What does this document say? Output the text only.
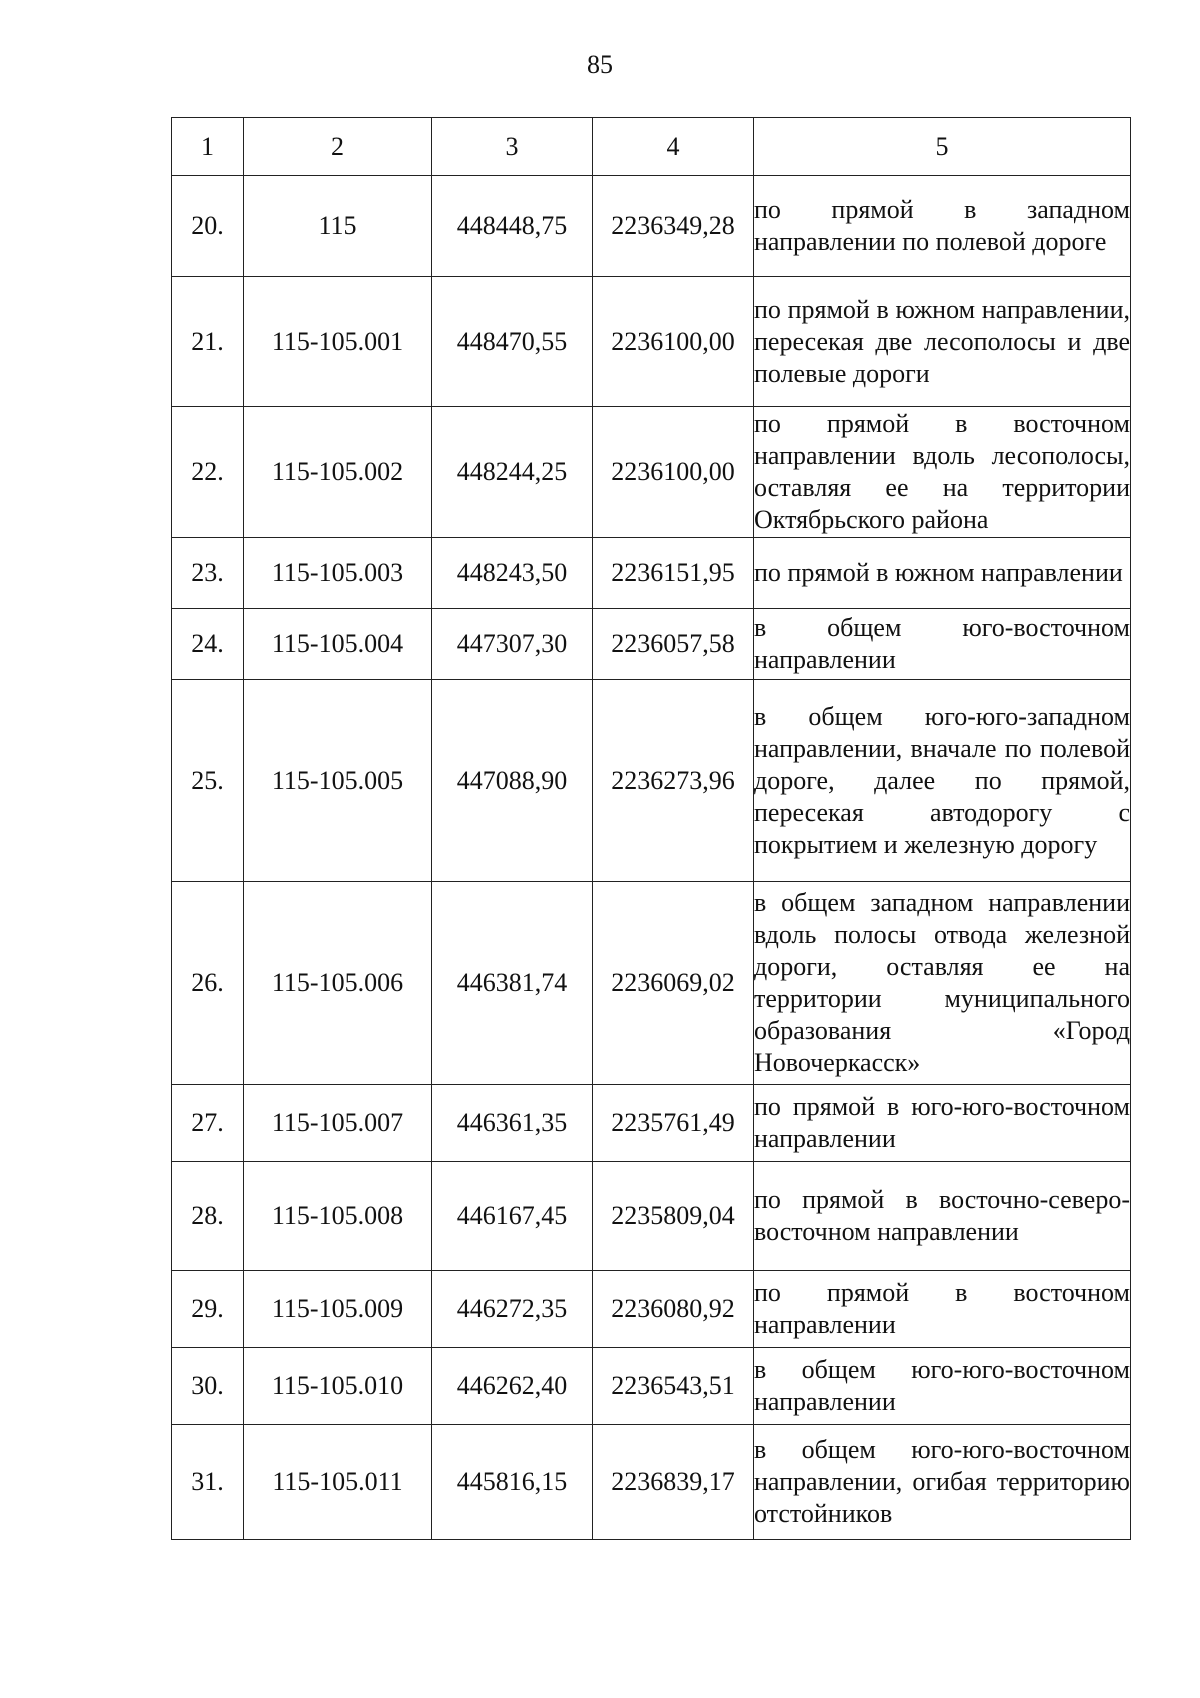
85
1	2	3	4	5
20.	115	448448,75	2236349,28	по прямой в западном направлении по полевой дороге
21.	115-105.001	448470,55	2236100,00	по прямой в южном направлении, пересекая две лесополосы и две полевые дороги
22.	115-105.002	448244,25	2236100,00	по прямой в восточном направлении вдоль лесополосы, оставляя ее на территории Октябрьского района
23.	115-105.003	448243,50	2236151,95	по прямой в южном направлении
24.	115-105.004	447307,30	2236057,58	в общем юго-восточном направлении
25.	115-105.005	447088,90	2236273,96	в общем юго-юго-западном направлении, вначале по полевой дороге, далее по прямой, пересекая автодорогу с покрытием и железную дорогу
26.	115-105.006	446381,74	2236069,02	в общем западном направлении вдоль полосы отвода железной дороги, оставляя ее на территории муниципального образования «Город Новочеркасск»
27.	115-105.007	446361,35	2235761,49	по прямой в юго-юго-восточном направлении
28.	115-105.008	446167,45	2235809,04	по прямой в восточно-северо-восточном направлении
29.	115-105.009	446272,35	2236080,92	по прямой в восточном направлении
30.	115-105.010	446262,40	2236543,51	в общем юго-юго-восточном направлении
31.	115-105.011	445816,15	2236839,17	в общем юго-юго-восточном направлении, огибая территорию отстойников
